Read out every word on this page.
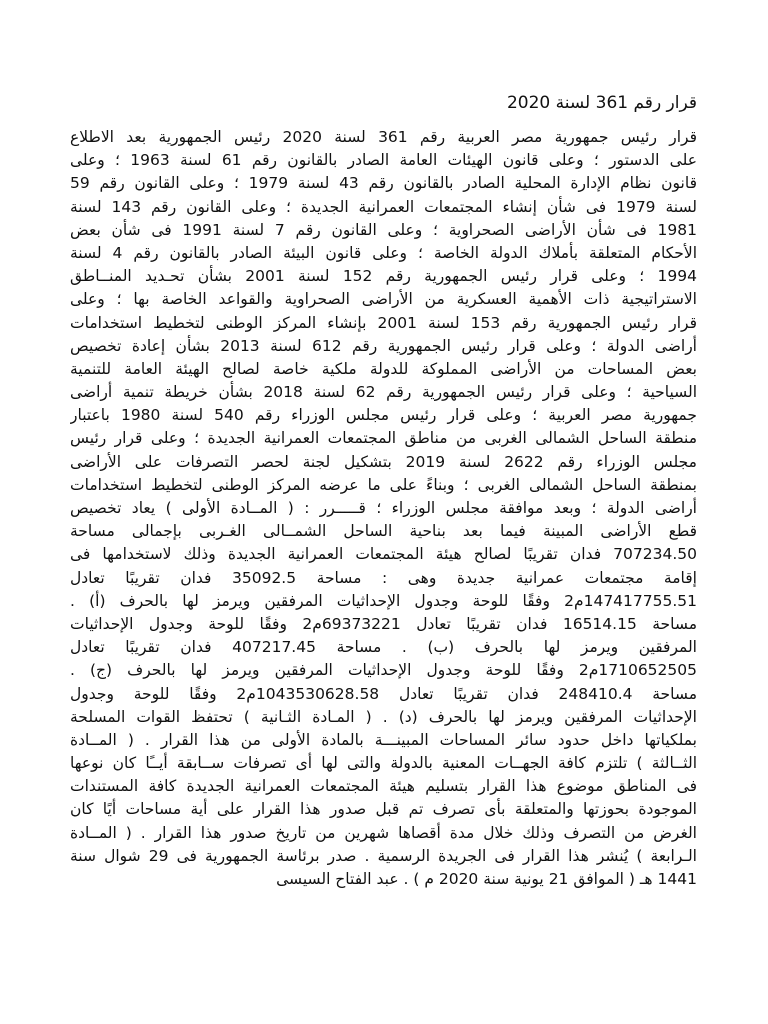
قرار رقم 361 لسنة 2020
قرار رئيس جمهورية مصر العربية رقم 361 لسنة 2020 رئيس الجمهورية بعد الاطلاع
على الدستور ؛ وعلى قانون الهيئات العامة الصادر بالقانون رقم 61 لسنة 1963 ؛ وعلى
قانون نظام الإدارة المحلية الصادر بالقانون رقم 43 لسنة 1979 ؛ وعلى القانون رقم 59
لسنة 1979 فى شأن إنشاء المجتمعات العمرانية الجديدة ؛ وعلى القانون رقم 143 لسنة
1981 فى شأن الأراضى الصحراوية ؛ وعلى القانون رقم 7 لسنة 1991 فى شأن بعض
الأحكام المتعلقة بأملاك الدولة الخاصة ؛ وعلى قانون البيئة الصادر بالقانون رقم 4 لسنة
1994 ؛ وعلى قرار رئيس الجمهورية رقم 152 لسنة 2001 بشأن تحـديد المنــاطق
الاستراتيجية ذات الأهمية العسكرية من الأراضى الصحراوية والقواعد الخاصة بها ؛ وعلى
قرار رئيس الجمهورية رقم 153 لسنة 2001 بإنشاء المركز الوطنى لتخطيط استخدامات
أراضى الدولة ؛ وعلى قرار رئيس الجمهورية رقم 612 لسنة 2013 بشأن إعادة تخصيص
بعض المساحات من الأراضى المملوكة للدولة ملكية خاصة لصالح الهيئة العامة للتنمية
السياحية ؛ وعلى قرار رئيس الجمهورية رقم 62 لسنة 2018 بشأن خريطة تنمية أراضى
جمهورية مصر العربية ؛ وعلى قرار رئيس مجلس الوزراء رقم 540 لسنة 1980 باعتبار
منطقة الساحل الشمالى الغربى من مناطق المجتمعات العمرانية الجديدة ؛ وعلى قرار رئيس
مجلس الوزراء رقم 2622 لسنة 2019 بتشكيل لجنة لحصر التصرفات على الأراضى
بمنطقة الساحل الشمالى الغربى ؛ وبناءً على ما عرضه المركز الوطنى لتخطيط استخدامات
أراضى الدولة ؛ وبعد موافقة مجلس الوزراء ؛ قـــــرر : ( المــادة الأولى ) يعاد تخصيص
قطع الأراضى المبينة فيما بعد بناحية الساحل الشمــالى الغـربى بإجمالى مساحة
707234.50 فدان تقريبًا لصالح هيئة المجتمعات العمرانية الجديدة وذلك لاستخدامها فى
إقامة مجتمعات عمرانية جديدة وهى : مساحة 35092.5 فدان تقريبًا تعادل
147417755.51م2 وفقًا للوحة وجدول الإحداثيات المرفقين ويرمز لها بالحرف (أ) .
مساحة 16514.15 فدان تقريبًا تعادل 69373221م2 وفقًا للوحة وجدول الإحداثيات
المرفقين ويرمز لها بالحرف (ب) . مساحة 407217.45 فدان تقريبًا تعادل
1710652505م2 وفقًا للوحة وجدول الإحداثيات المرفقين ويرمز لها بالحرف (ج) .
مساحة 248410.4 فدان تقريبًا تعادل 1043530628.58م2 وفقًا للوحة وجدول
الإحداثيات المرفقين ويرمز لها بالحرف (د) . ( المـادة الثـانية ) تحتفظ القوات المسلحة
بملكياتها داخل حدود سائر المساحات المبينـــة بالمادة الأولى من هذا القرار . ( المــادة
الثــالثة ) تلتزم كافة الجهــات المعنية بالدولة والتى لها أى تصرفات ســابقة أيــًا كان نوعها
فى المناطق موضوع هذا القرار بتسليم هيئة المجتمعات العمرانية الجديدة كافة المستندات
الموجودة بحوزتها والمتعلقة بأى تصرف تم قبل صدور هذا القرار على أية مساحات أيًا كان
الغرض من التصرف وذلك خلال مدة أقصاها شهرين من تاريخ صدور هذا القرار . ( المــادة
الـرابعة ) يُنشر هذا القرار فى الجريدة الرسمية . صدر برئاسة الجمهورية فى 29 شوال سنة
1441 هـ ( الموافق 21 يونية سنة 2020 م ) . عبد الفتاح السيسى
